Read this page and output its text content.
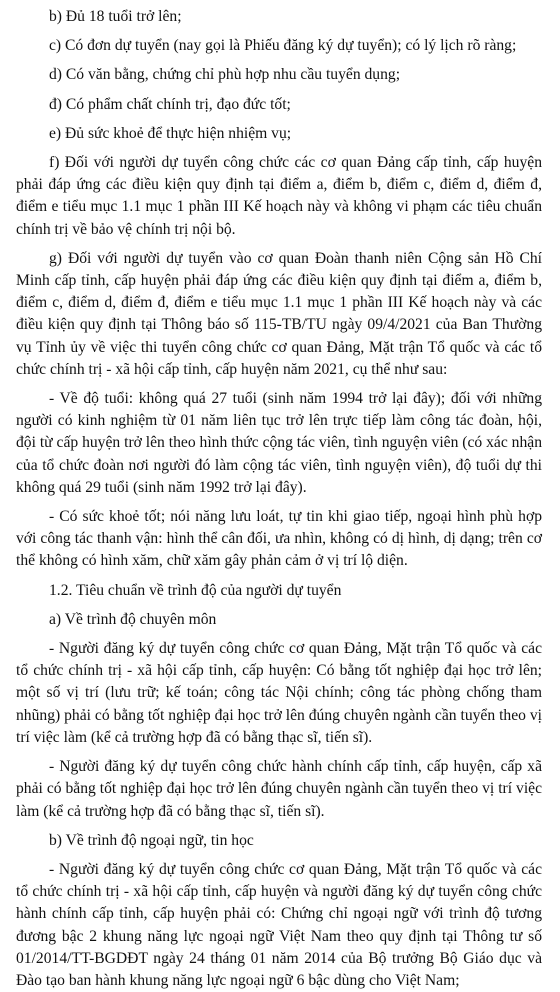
b) Đủ 18 tuổi trở lên;

c) Có đơn dự tuyển (nay gọi là Phiếu đăng ký dự tuyển); có lý lịch rõ ràng;

d) Có văn bằng, chứng chỉ phù hợp nhu cầu tuyển dụng;

đ) Có phẩm chất chính trị, đạo đức tốt;

e) Đủ sức khoẻ để thực hiện nhiệm vụ;

f) Đối với người dự tuyển công chức các cơ quan Đảng cấp tỉnh, cấp huyện phải đáp ứng các điều kiện quy định tại điểm a, điểm b, điểm c, điểm d, điểm đ, điểm e tiểu mục 1.1 mục 1 phần III Kế hoạch này và không vi phạm các tiêu chuẩn chính trị về bảo vệ chính trị nội bộ.

g) Đối với người dự tuyển vào cơ quan Đoàn thanh niên Cộng sản Hồ Chí Minh cấp tỉnh, cấp huyện phải đáp ứng các điều kiện quy định tại điểm a, điểm b, điểm c, điểm d, điểm đ, điểm e tiểu mục 1.1 mục 1 phần III Kế hoạch này và các điều kiện quy định tại Thông báo số 115-TB/TU ngày 09/4/2021 của Ban Thường vụ Tỉnh ủy về việc thi tuyển công chức cơ quan Đảng, Mặt trận Tổ quốc và các tổ chức chính trị - xã hội cấp tỉnh, cấp huyện năm 2021, cụ thể như sau:

- Về độ tuổi: không quá 27 tuổi (sinh năm 1994 trở lại đây); đối với những người có kinh nghiệm từ 01 năm liên tục trở lên trực tiếp làm công tác đoàn, hội, đội từ cấp huyện trở lên theo hình thức cộng tác viên, tình nguyện viên (có xác nhận của tổ chức đoàn nơi người đó làm cộng tác viên, tình nguyện viên), độ tuổi dự thi không quá 29 tuổi (sinh năm 1992 trở lại đây).

- Có sức khoẻ tốt; nói năng lưu loát, tự tin khi giao tiếp, ngoại hình phù hợp với công tác thanh vận: hình thể cân đối, ưa nhìn, không có dị hình, dị dạng; trên cơ thể không có hình xăm, chữ xăm gây phản cảm ở vị trí lộ diện.

1.2. Tiêu chuẩn về trình độ của người dự tuyển

a) Về trình độ chuyên môn

- Người đăng ký dự tuyển công chức cơ quan Đảng, Mặt trận Tổ quốc và các tổ chức chính trị - xã hội cấp tỉnh, cấp huyện: Có bằng tốt nghiệp đại học trở lên; một số vị trí (lưu trữ; kế toán; công tác Nội chính; công tác phòng chống tham nhũng) phải có bằng tốt nghiệp đại học trở lên đúng chuyên ngành cần tuyển theo vị trí việc làm (kể cả trường hợp đã có bằng thạc sĩ, tiến sĩ).

- Người đăng ký dự tuyển công chức hành chính cấp tỉnh, cấp huyện, cấp xã phải có bằng tốt nghiệp đại học trở lên đúng chuyên ngành cần tuyển theo vị trí việc làm (kể cả trường hợp đã có bằng thạc sĩ, tiến sĩ).

b) Về trình độ ngoại ngữ, tin học

- Người đăng ký dự tuyển công chức cơ quan Đảng, Mặt trận Tổ quốc và các tổ chức chính trị - xã hội cấp tỉnh, cấp huyện và người đăng ký dự tuyển công chức hành chính cấp tỉnh, cấp huyện phải có: Chứng chỉ ngoại ngữ với trình độ tương đương bậc 2 khung năng lực ngoại ngữ Việt Nam theo quy định tại Thông tư số 01/2014/TT-BGDĐT ngày 24 tháng 01 năm 2014 của Bộ trưởng Bộ Giáo dục và Đào tạo ban hành khung năng lực ngoại ngữ 6 bậc dùng cho Việt Nam;
